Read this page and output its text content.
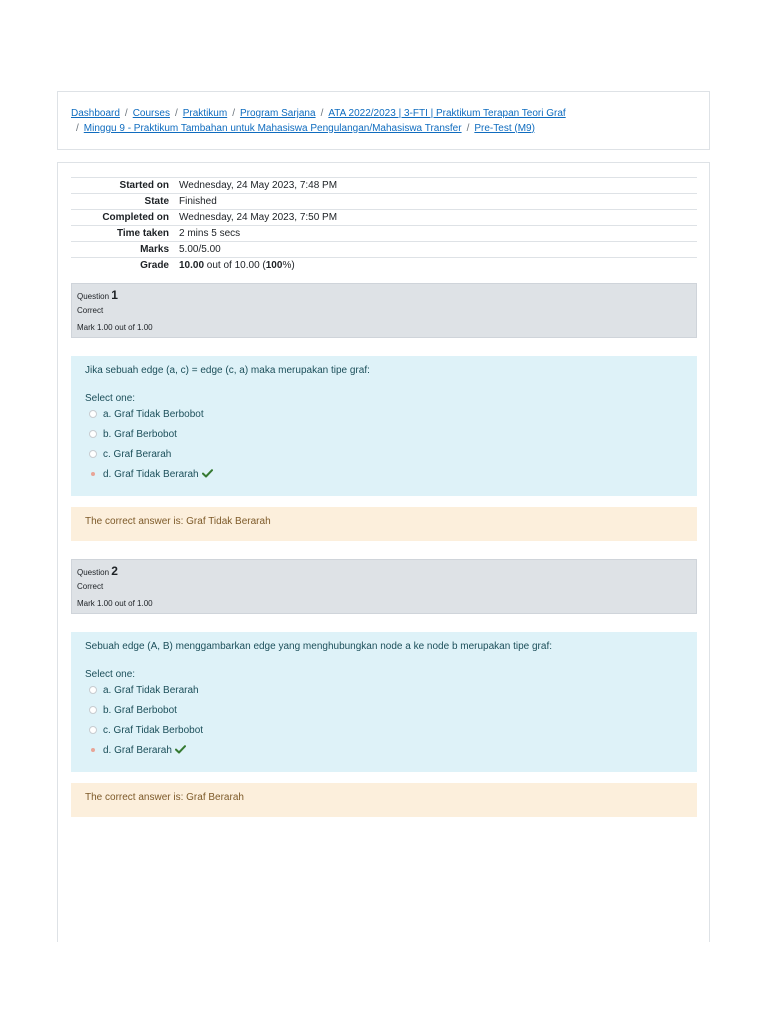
Dashboard / Courses / Praktikum / Program Sarjana / ATA 2022/2023 | 3-FTI | Praktikum Terapan Teori Graf
/ Minggu 9 - Praktikum Tambahan untuk Mahasiswa Pengulangan/Mahasiswa Transfer / Pre-Test (M9)
Started on	Wednesday, 24 May 2023, 7:48 PM
State	Finished
Completed on	Wednesday, 24 May 2023, 7:50 PM
Time taken	2 mins 5 secs
Marks	5.00/5.00
Grade	10.00 out of 10.00 (100%)
Question 1
Correct
Mark 1.00 out of 1.00
Jika sebuah edge (a, c) = edge (c, a) maka merupakan tipe graf:
Select one:
a. Graf Tidak Berbobot
b. Graf Berbobot
c. Graf Berarah
d. Graf Tidak Berarah
The correct answer is: Graf Tidak Berarah
Question 2
Correct
Mark 1.00 out of 1.00
Sebuah edge (A, B) menggambarkan edge yang menghubungkan node a ke node b merupakan tipe graf:
Select one:
a. Graf Tidak Berarah
b. Graf Berbobot
c. Graf Tidak Berbobot
d. Graf Berarah
The correct answer is: Graf Berarah
